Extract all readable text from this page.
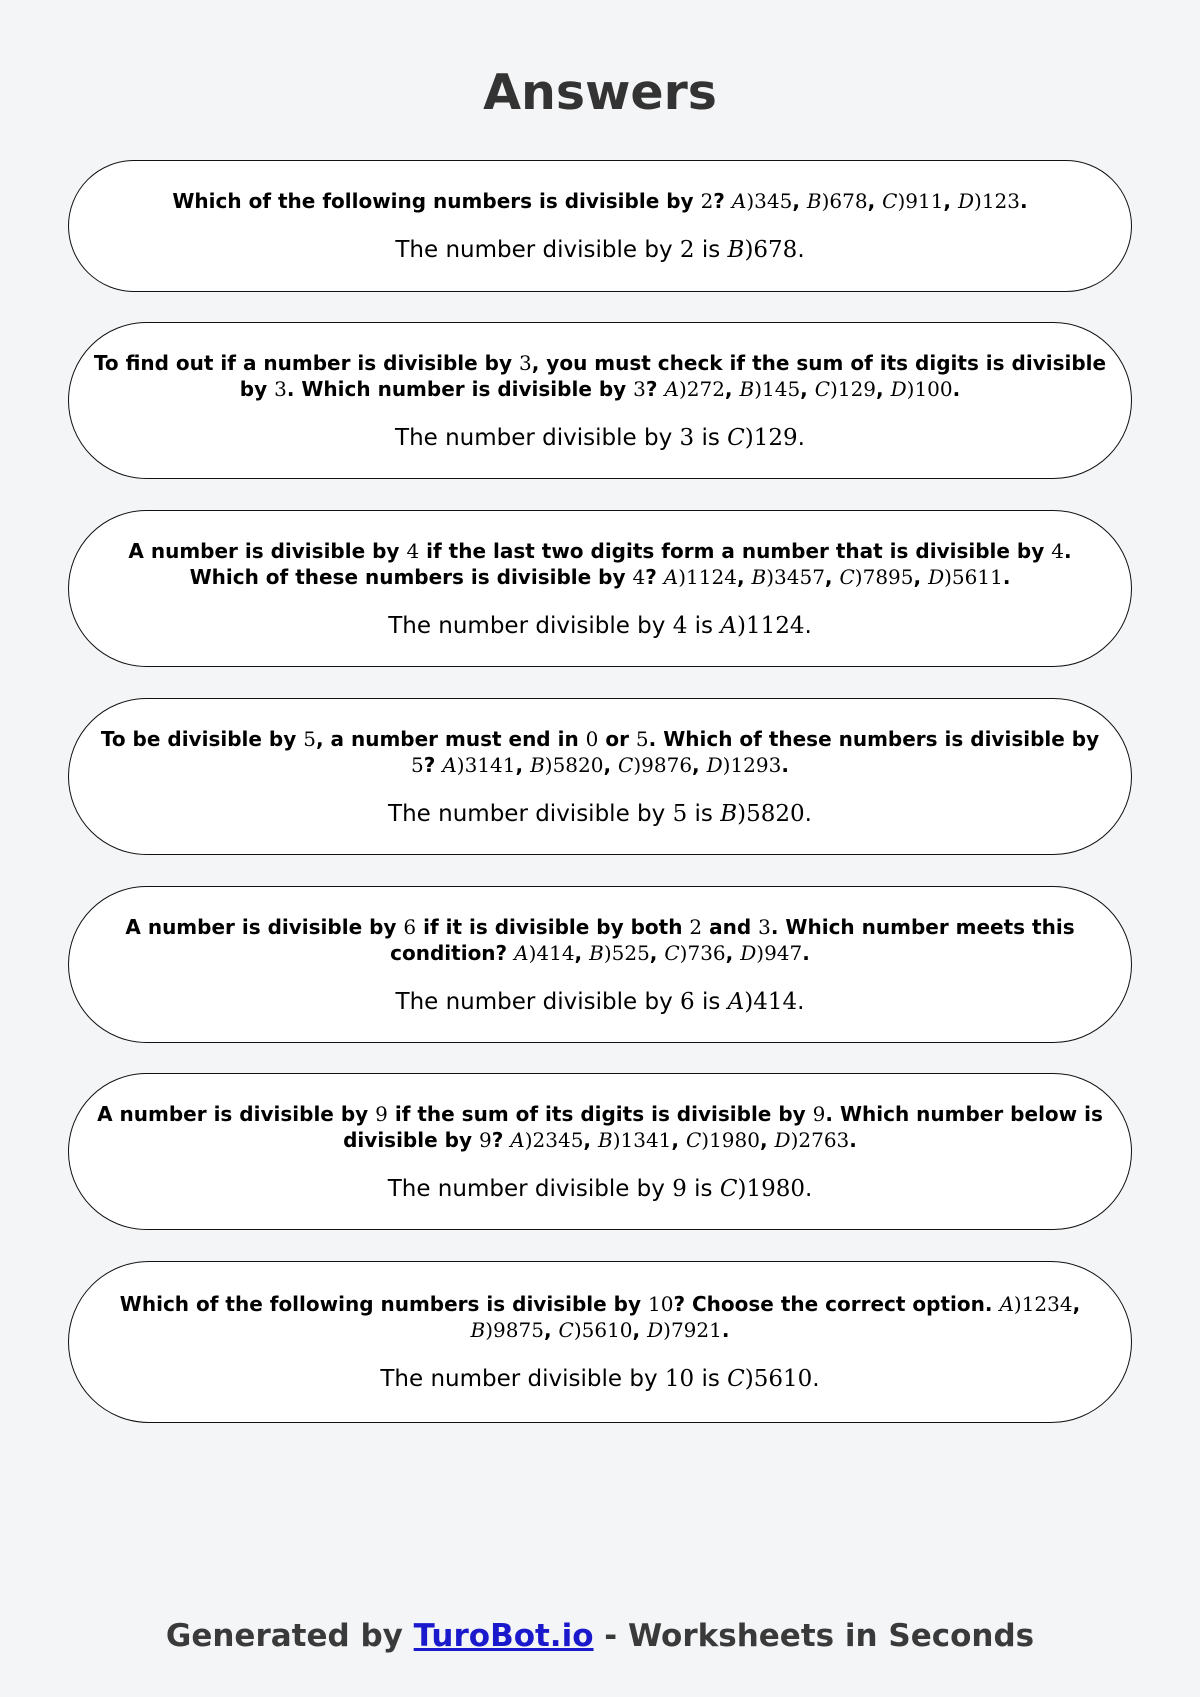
Answers

Which of the following numbers is divisible by 2? A)345, B)678, C)911, D)123.

The number divisible by 2 is B)678.

To find out if a number is divisible by 3, you must check if the sum of its digits is divisible by 3. Which number is divisible by 3? A)272, B)145, C)129, D)100.

The number divisible by 3 is C)129.

A number is divisible by 4 if the last two digits form a number that is divisible by 4. Which of these numbers is divisible by 4? A)1124, B)3457, C)7895, D)5611.

The number divisible by 4 is A)1124.

To be divisible by 5, a number must end in 0 or 5. Which of these numbers is divisible by 5? A)3141, B)5820, C)9876, D)1293.

The number divisible by 5 is B)5820.

A number is divisible by 6 if it is divisible by both 2 and 3. Which number meets this condition? A)414, B)525, C)736, D)947.

The number divisible by 6 is A)414.

A number is divisible by 9 if the sum of its digits is divisible by 9. Which number below is divisible by 9? A)2345, B)1341, C)1980, D)2763.

The number divisible by 9 is C)1980.

Which of the following numbers is divisible by 10? Choose the correct option. A)1234, B)9875, C)5610, D)7921.

The number divisible by 10 is C)5610.

Generated by TuroBot.io - Worksheets in Seconds
